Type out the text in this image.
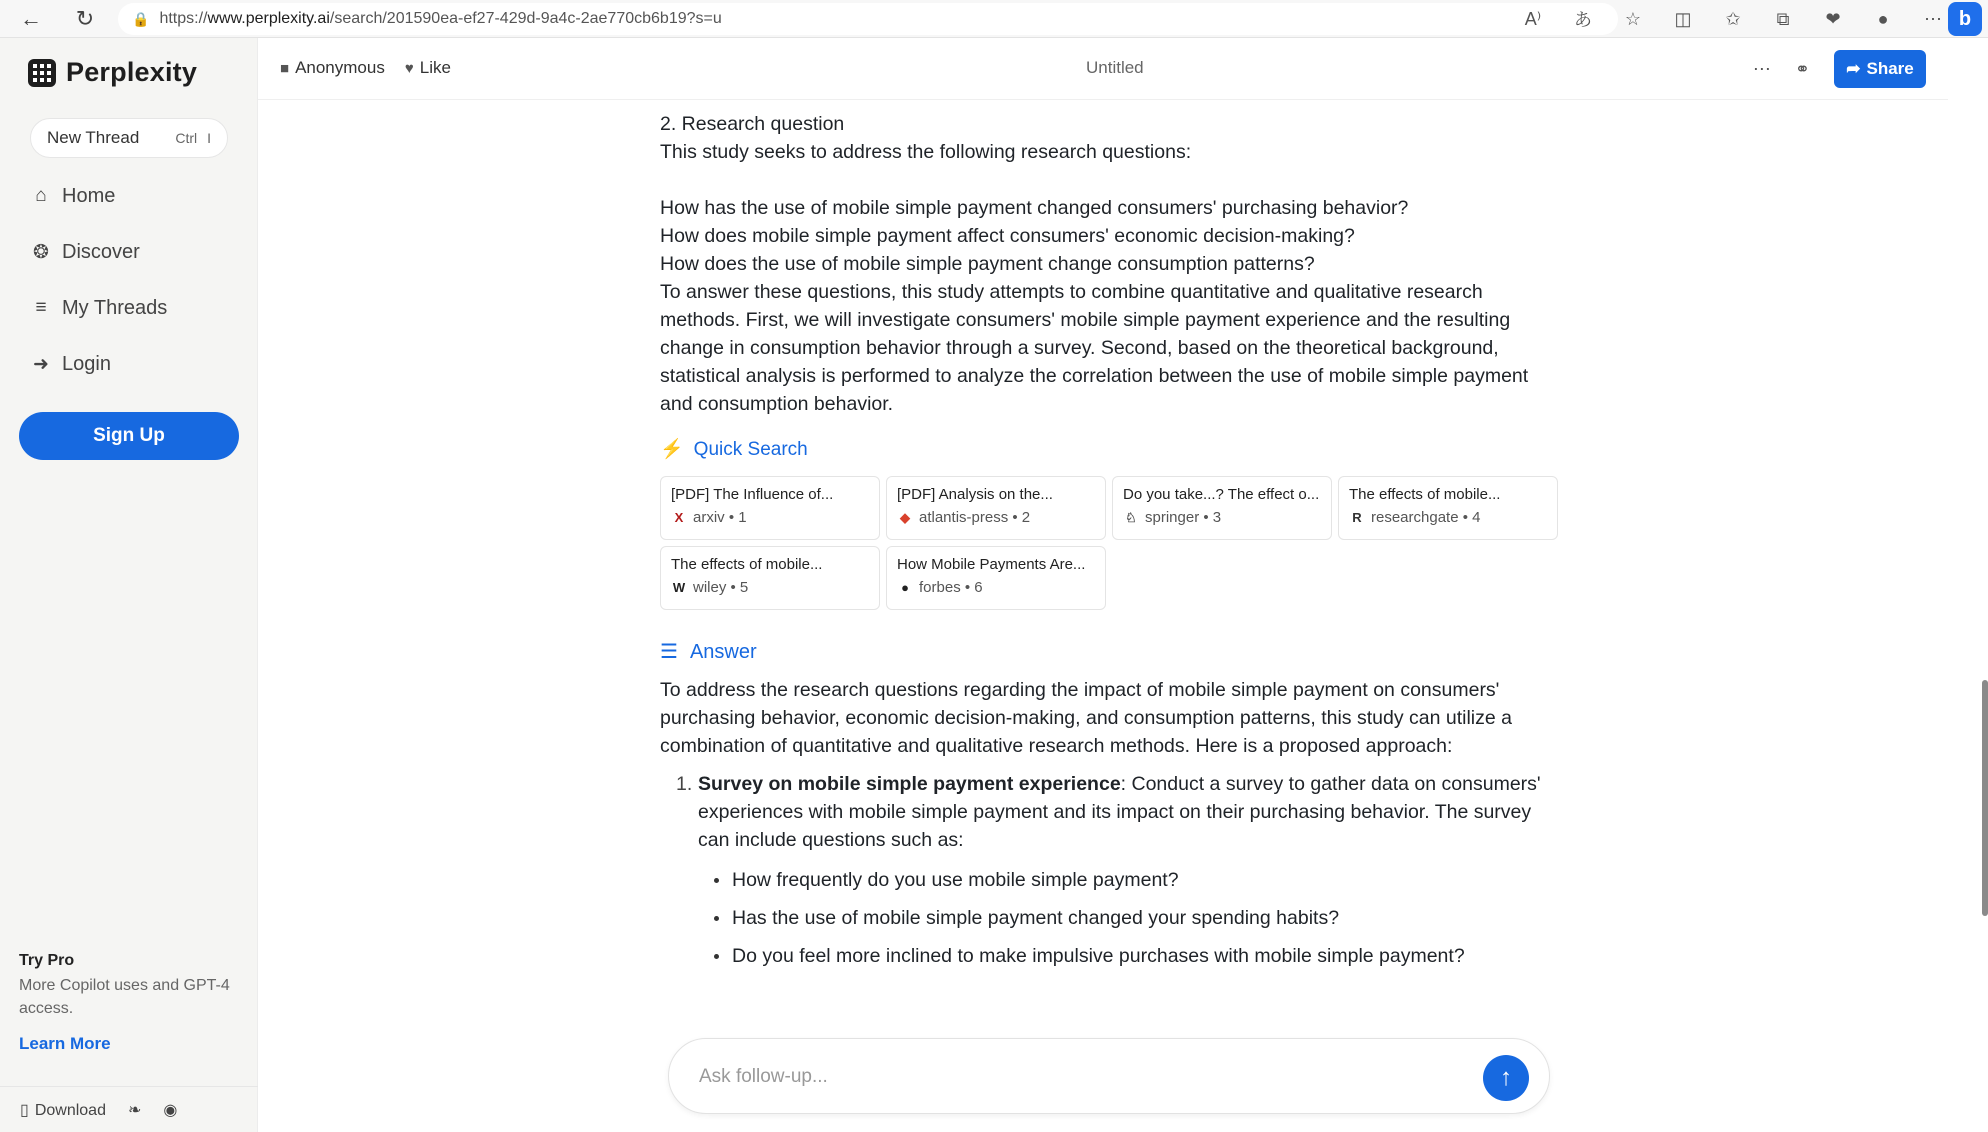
← ↻	🔒 https://www.perplexity.ai/search/201590ea-ef27-429d-9a4c-2ae770cb6b19?s=u	A⁾	あ	☆	◫	✩	⧉	❤	●	⋯ b
Perplexity
New Thread	Ctrl I
⌂ Home
❂ Discover
≡ My Threads
➜ Login
Sign Up
Try Pro
More Copilot uses and GPT-4 access.
Learn More
▯ Download ❧ ◉
■ Anonymous ♥ Like	Untitled	⋯ ⚭ ➦ Share

2. Research question

This study seeks to address the following research questions:

How has the use of mobile simple payment changed consumers' purchasing behavior?

How does mobile simple payment affect consumers' economic decision-making?

How does the use of mobile simple payment change consumption patterns?

To answer these questions, this study attempts to combine quantitative and qualitative research methods. First, we will investigate consumers' mobile simple payment experience and the resulting change in consumption behavior through a survey. Second, based on the theoretical background, statistical analysis is performed to analyze the correlation between the use of mobile simple payment and consumption behavior.

⚡ Quick Search
[PDF] The Influence of...
X arxiv • 1
[PDF] Analysis on the...
◆ atlantis-press • 2
Do you take...? The effect o...
♘ springer • 3
The effects of mobile...
R researchgate • 4
The effects of mobile...
W wiley • 5
How Mobile Payments Are...
● forbes • 6
☰ Answer

To address the research questions regarding the impact of mobile simple payment on consumers' purchasing behavior, economic decision-making, and consumption patterns, this study can utilize a combination of quantitative and qualitative research methods. Here is a proposed approach:

1. Survey on mobile simple payment experience: Conduct a survey to gather data on consumers' experiences with mobile simple payment and its impact on their purchasing behavior. The survey can include questions such as:
How frequently do you use mobile simple payment?
Has the use of mobile simple payment changed your spending habits?
Do you feel more inclined to make impulsive purchases with mobile simple payment?
Ask follow-up...
↑
